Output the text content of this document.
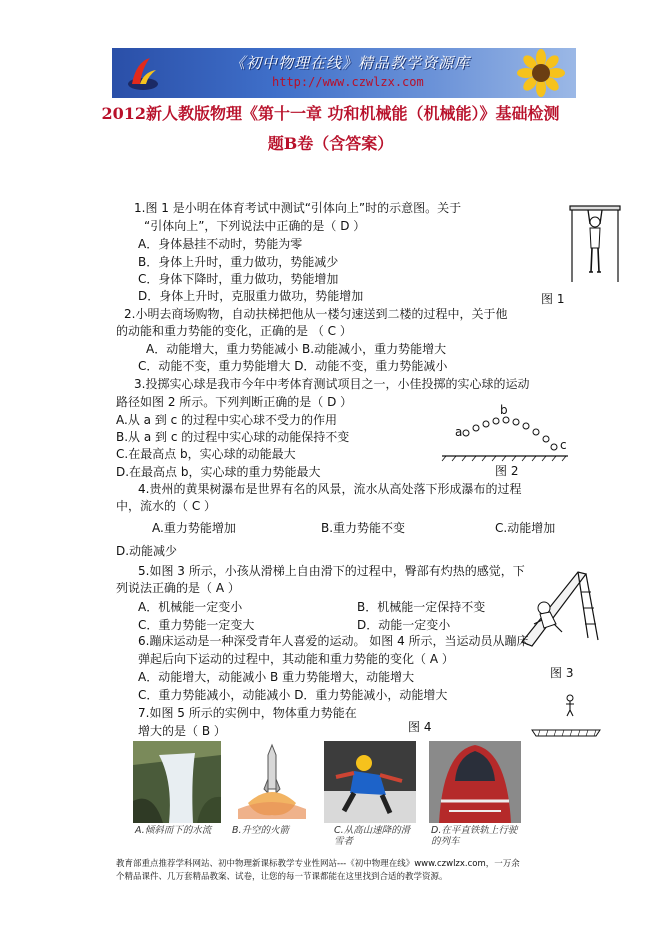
《初中物理在线》精品教学资源库
http://www.czwlzx.com
2012新人教版物理《第十一章 功和机械能（机械能）》基础检测
题B卷（含答案）
1.图 1 是小明在体育考试中测试“引体向上”时的示意图。关于
“引体向上”，下列说法中正确的是（ D ）
A．身体悬挂不动时，势能为零
B．身体上升时，重力做功，势能减少
C．身体下降时，重力做功，势能增加
D．身体上升时，克服重力做功，势能增加	图 1
2.小明去商场购物，自动扶梯把他从一楼匀速送到二楼的过程中，关于他
的动能和重力势能的变化，正确的是 （ C ）
A．动能增大，重力势能减小 B.动能减小，重力势能增大
C．动能不变，重力势能增大 D．动能不变，重力势能减小
3.投掷实心球是我市今年中考体育测试项目之一，小佳投掷的实心球的运动
路径如图 2 所示。下列判断正确的是（ D ）
A.从 a 到 c 的过程中实心球不受力的作用
B.从 a 到 c 的过程中实心球的动能保持不变
C.在最高点 b，实心球的动能最大
D.在最高点 b，实心球的重力势能最大
a
b
c
图 2
4.贵州的黄果树瀑布是世界有名的风景，流水从高处落下形成瀑布的过程
中，流水的（ C ）
A.重力势能增加	B.重力势能不变	C.动能增加
D.动能减少
5.如图 3 所示，小孩从滑梯上自由滑下的过程中，臀部有灼热的感觉，下
列说法正确的是（ A ）
A．机械能一定变小	B．机械能一定保持不变
C．重力势能一定变大	D．动能一定变小
图 3
6.蹦床运动是一种深受青年人喜爱的运动。 如图 4 所示，当运动员从蹦床
弹起后向下运动的过程中，其动能和重力势能的变化（ A ）
A．动能增大，动能减小 B 重力势能增大，动能增大
C．重力势能减小，动能减小 D．重力势能减小，动能增大
7.如图 5 所示的实例中，物体重力势能在
增大的是（ B ）	图 4
A.倾斜而下的水流	B.升空的火箭	C.从高山速降的滑雪者
D.在平直铁轨上行驶的列车
教育部重点推荐学科网站、初中物理新课标教学专业性网站---《初中物理在线》www.czwlzx.com，一万余
个精品课件、几万套精品教案、试卷，让您的每一节课都能在这里找到合适的教学资源。
